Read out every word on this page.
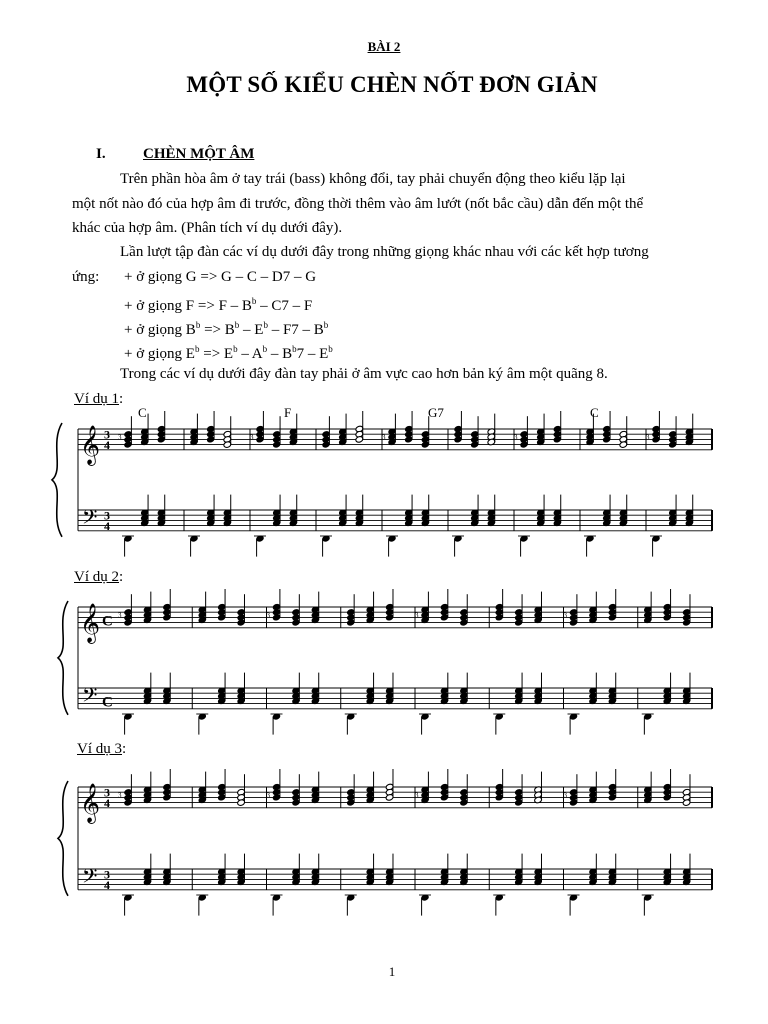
BÀI 2
MỘT SỐ KIỂU CHÈN NỐT ĐƠN GIẢN
I. CHÈN MỘT ÂM
Trên phần hòa âm ở tay trái (bass) không đổi, tay phải chuyển động theo kiểu lặp lại
một nốt nào đó của hợp âm đi trước, đồng thời thêm vào âm lướt (nốt bắc cầu) dẫn đến một thể
khác của hợp âm. (Phân tích ví dụ dưới đây).
Lần lượt tập đàn các ví dụ dưới đây trong những giọng khác nhau với các kết hợp tương
ứng: + ở giọng G => G – C – D7 – G
+ ở giọng $F => F - B^b - C7 - F$
+ ở giọng $B^b => B^b - E^b - F7 - B^b$
+ ở giọng $E^b => E^b - A^b - B^b7 - E^b$
Trong các ví dụ dưới đây đàn tay phải ở âm vực cao hơn bản ký âm một quãng 8.
Ví dụ 1:
Ví dụ 2:
Ví dụ 3:
𝄞
𝄢
3
4
3
4
3	3	3	3	3
C	F	G7	C
𝄞
𝄢
C
C
3	3	3	3
𝄞
𝄢
3
4
3
4
3	3	3	3
1
